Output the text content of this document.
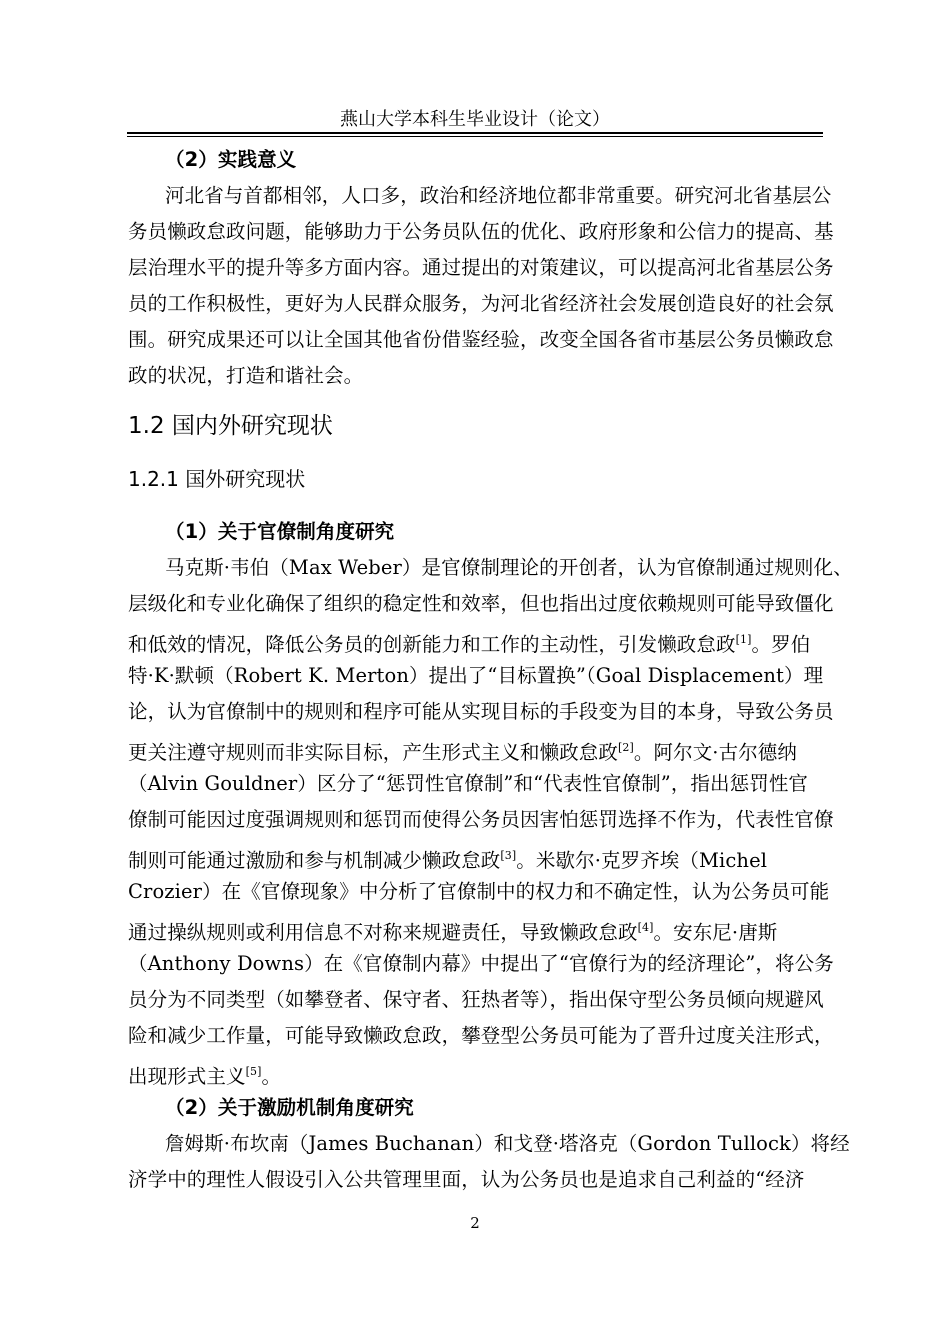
燕山大学本科生毕业设计（论文）
（2）实践意义
河北省与首都相邻，人口多，政治和经济地位都非常重要。研究河北省基层公
务员懒政怠政问题，能够助力于公务员队伍的优化、政府形象和公信力的提高、基
层治理水平的提升等多方面内容。通过提出的对策建议，可以提高河北省基层公务
员的工作积极性，更好为人民群众服务，为河北省经济社会发展创造良好的社会氛
围。研究成果还可以让全国其他省份借鉴经验，改变全国各省市基层公务员懒政怠
政的状况，打造和谐社会。
1.2 国内外研究现状
1.2.1 国外研究现状
（1）关于官僚制角度研究
马克斯·韦伯（Max Weber）是官僚制理论的开创者，认为官僚制通过规则化、
层级化和专业化确保了组织的稳定性和效率，但也指出过度依赖规则可能导致僵化
和低效的情况，降低公务员的创新能力和工作的主动性，引发懒政怠政[1]。罗伯
特·K·默顿（Robert K. Merton）提出了“目标置换”（Goal Displacement）理
论，认为官僚制中的规则和程序可能从实现目标的手段变为目的本身，导致公务员
更关注遵守规则而非实际目标，产生形式主义和懒政怠政[2]。阿尔文·古尔德纳
（Alvin Gouldner）区分了“惩罚性官僚制”和“代表性官僚制”，指出惩罚性官
僚制可能因过度强调规则和惩罚而使得公务员因害怕惩罚选择不作为，代表性官僚
制则可能通过激励和参与机制减少懒政怠政[3]。米歇尔·克罗齐埃（Michel
Crozier）在《官僚现象》中分析了官僚制中的权力和不确定性，认为公务员可能
通过操纵规则或利用信息不对称来规避责任，导致懒政怠政[4]。安东尼·唐斯
（Anthony Downs）在《官僚制内幕》中提出了“官僚行为的经济理论”，将公务
员分为不同类型（如攀登者、保守者、狂热者等），指出保守型公务员倾向规避风
险和减少工作量，可能导致懒政怠政，攀登型公务员可能为了晋升过度关注形式，
出现形式主义[5]。
（2）关于激励机制角度研究
詹姆斯·布坎南（James Buchanan）和戈登·塔洛克（Gordon Tullock）将经
济学中的理性人假设引入公共管理里面，认为公务员也是追求自己利益的“经济
2
